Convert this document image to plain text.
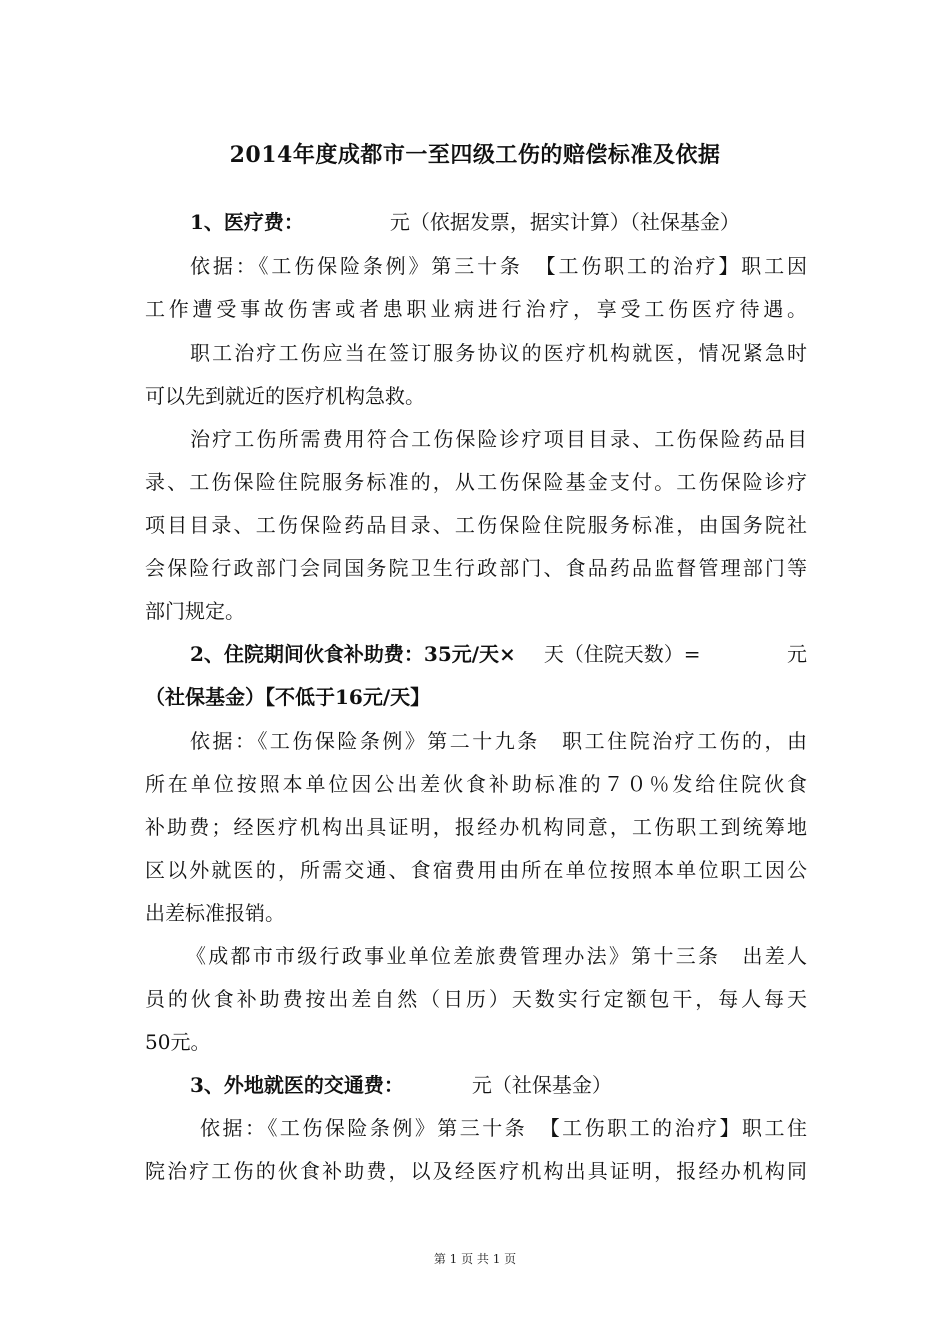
2014年度成都市一至四级工伤的赔偿标准及依据
1、医疗费：	元（依据发票，据实计算）（社保基金）
依据：《工伤保险条例》第三十条　【工伤职工的治疗】职工因
工作遭受事故伤害或者患职业病进行治疗，享受工伤医疗待遇。
职工治疗工伤应当在签订服务协议的医疗机构就医，情况紧急时
可以先到就近的医疗机构急救。
治疗工伤所需费用符合工伤保险诊疗项目目录、工伤保险药品目
录、工伤保险住院服务标准的，从工伤保险基金支付。工伤保险诊疗
项目目录、工伤保险药品目录、工伤保险住院服务标准，由国务院社
会保险行政部门会同国务院卫生行政部门、食品药品监督管理部门等
部门规定。
2、住院期间伙食补助费：35元/天× 天（住院天数）=	元
（社保基金）【不低于16元/天】
依据：《工伤保险条例》第二十九条　职工住院治疗工伤的，由
所在单位按照本单位因公出差伙食补助标准的７０％发给住院伙食
补助费；经医疗机构出具证明，报经办机构同意，工伤职工到统筹地
区以外就医的，所需交通、食宿费用由所在单位按照本单位职工因公
出差标准报销。
《成都市市级行政事业单位差旅费管理办法》第十三条　出差人
员的伙食补助费按出差自然（日历）天数实行定额包干，每人每天
50元。
3、外地就医的交通费：	元（社保基金）
依据：《工伤保险条例》第三十条　【工伤职工的治疗】职工住
院治疗工伤的伙食补助费，以及经医疗机构出具证明，报经办机构同
第 1 页 共 1 页
